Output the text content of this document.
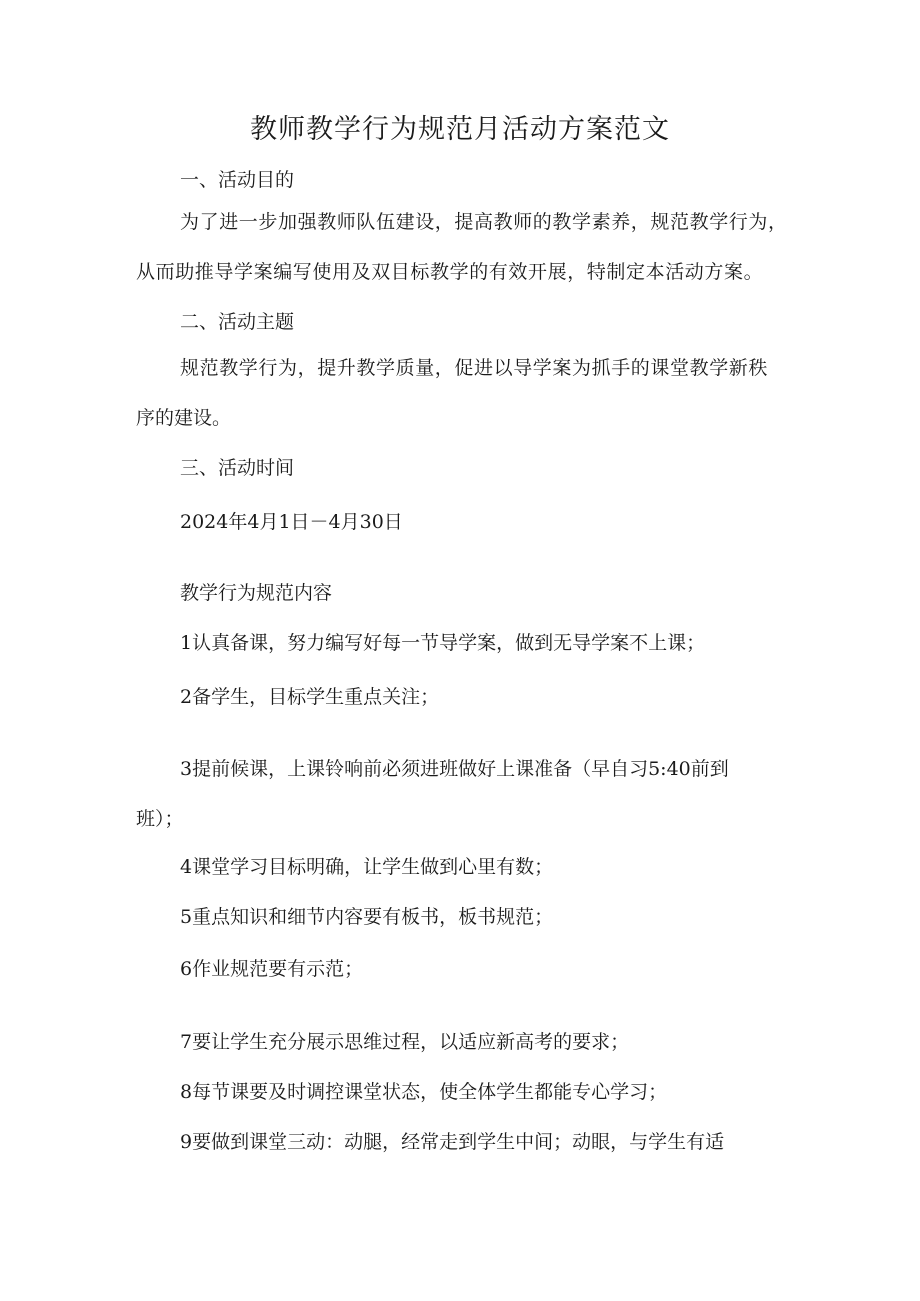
教师教学行为规范月活动方案范文
一、活动目的
为了进一步加强教师队伍建设，提高教师的教学素养，规范教学行为，
从而助推导学案编写使用及双目标教学的有效开展，特制定本活动方案。
二、活动主题
规范教学行为，提升教学质量，促进以导学案为抓手的课堂教学新秩
序的建设。
三、活动时间
2024年4月1日－4月30日
教学行为规范内容
1认真备课，努力编写好每一节导学案，做到无导学案不上课；
2备学生，目标学生重点关注；
3提前候课，上课铃响前必须进班做好上课准备（早自习5:40前到
班）；
4课堂学习目标明确，让学生做到心里有数；
5重点知识和细节内容要有板书，板书规范；
6作业规范要有示范；
7要让学生充分展示思维过程，以适应新高考的要求；
8每节课要及时调控课堂状态，使全体学生都能专心学习；
9要做到课堂三动：动腿，经常走到学生中间；动眼，与学生有适
